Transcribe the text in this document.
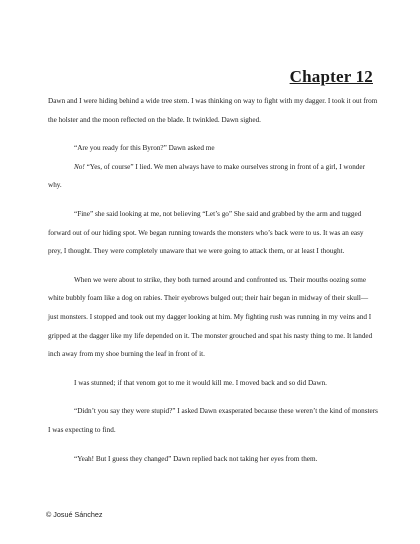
Chapter 12

Dawn and I were hiding behind a wide tree stem. I was thinking on way to fight with my dagger. I took it out from the holster and the moon reflected on the blade. It twinkled. Dawn sighed.

“Are you ready for this Byron?” Dawn asked me

No! “Yes, of course” I lied. We men always have to make ourselves strong in front of a girl, I wonder why.

“Fine” she said looking at me, not believing “Let’s go” She said and grabbed by the arm and tugged forward out of our hiding spot. We began running towards the monsters who’s back were to us. It was an easy prey, I thought. They were completely unaware that we were going to attack them, or at least I thought.

When we were about to strike, they both turned around and confronted us. Their mouths oozing some white bubbly foam like a dog on rabies. Their eyebrows bulged out; their hair began in midway of their skull—just monsters. I stopped and took out my dagger looking at him. My fighting rush was running in my veins and I gripped at the dagger like my life depended on it. The monster grouched and spat his nasty thing to me. It landed inch away from my shoe burning the leaf in front of it.

I was stunned; if that venom got to me it would kill me. I moved back and so did Dawn.

“Didn’t you say they were stupid?” I asked Dawn exasperated because these weren’t the kind of monsters I was expecting to find.

“Yeah! But I guess they changed” Dawn replied back not taking her eyes from them.

© Josué Sánchez
